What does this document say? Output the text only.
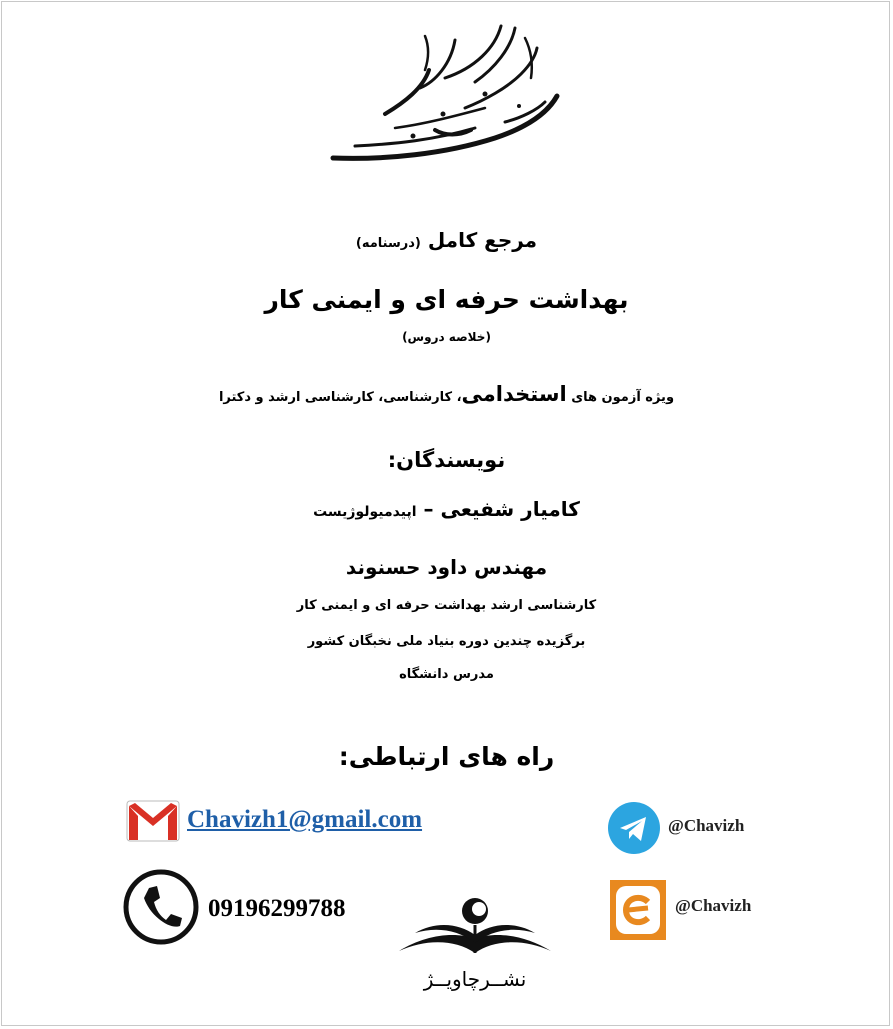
مرجع کامل (درسنامه)
بهداشت حرفه ای و ایمنی کار
(خلاصه دروس)
ویژه آزمون های استخدامی، کارشناسی، کارشناسی ارشد و دکترا
نویسندگان:
کامیار شفیعی – اپیدمیولوژیست
مهندس داود حسنوند
کارشناسی ارشد بهداشت حرفه ای و ایمنی کار
برگزیده چندین دوره بنیاد ملی نخبگان کشور
مدرس دانشگاه
راه های ارتباطی:
Chavizh1@gmail.com
09196299788
@Chavizh
@Chavizh
نشــرچاویــژ
